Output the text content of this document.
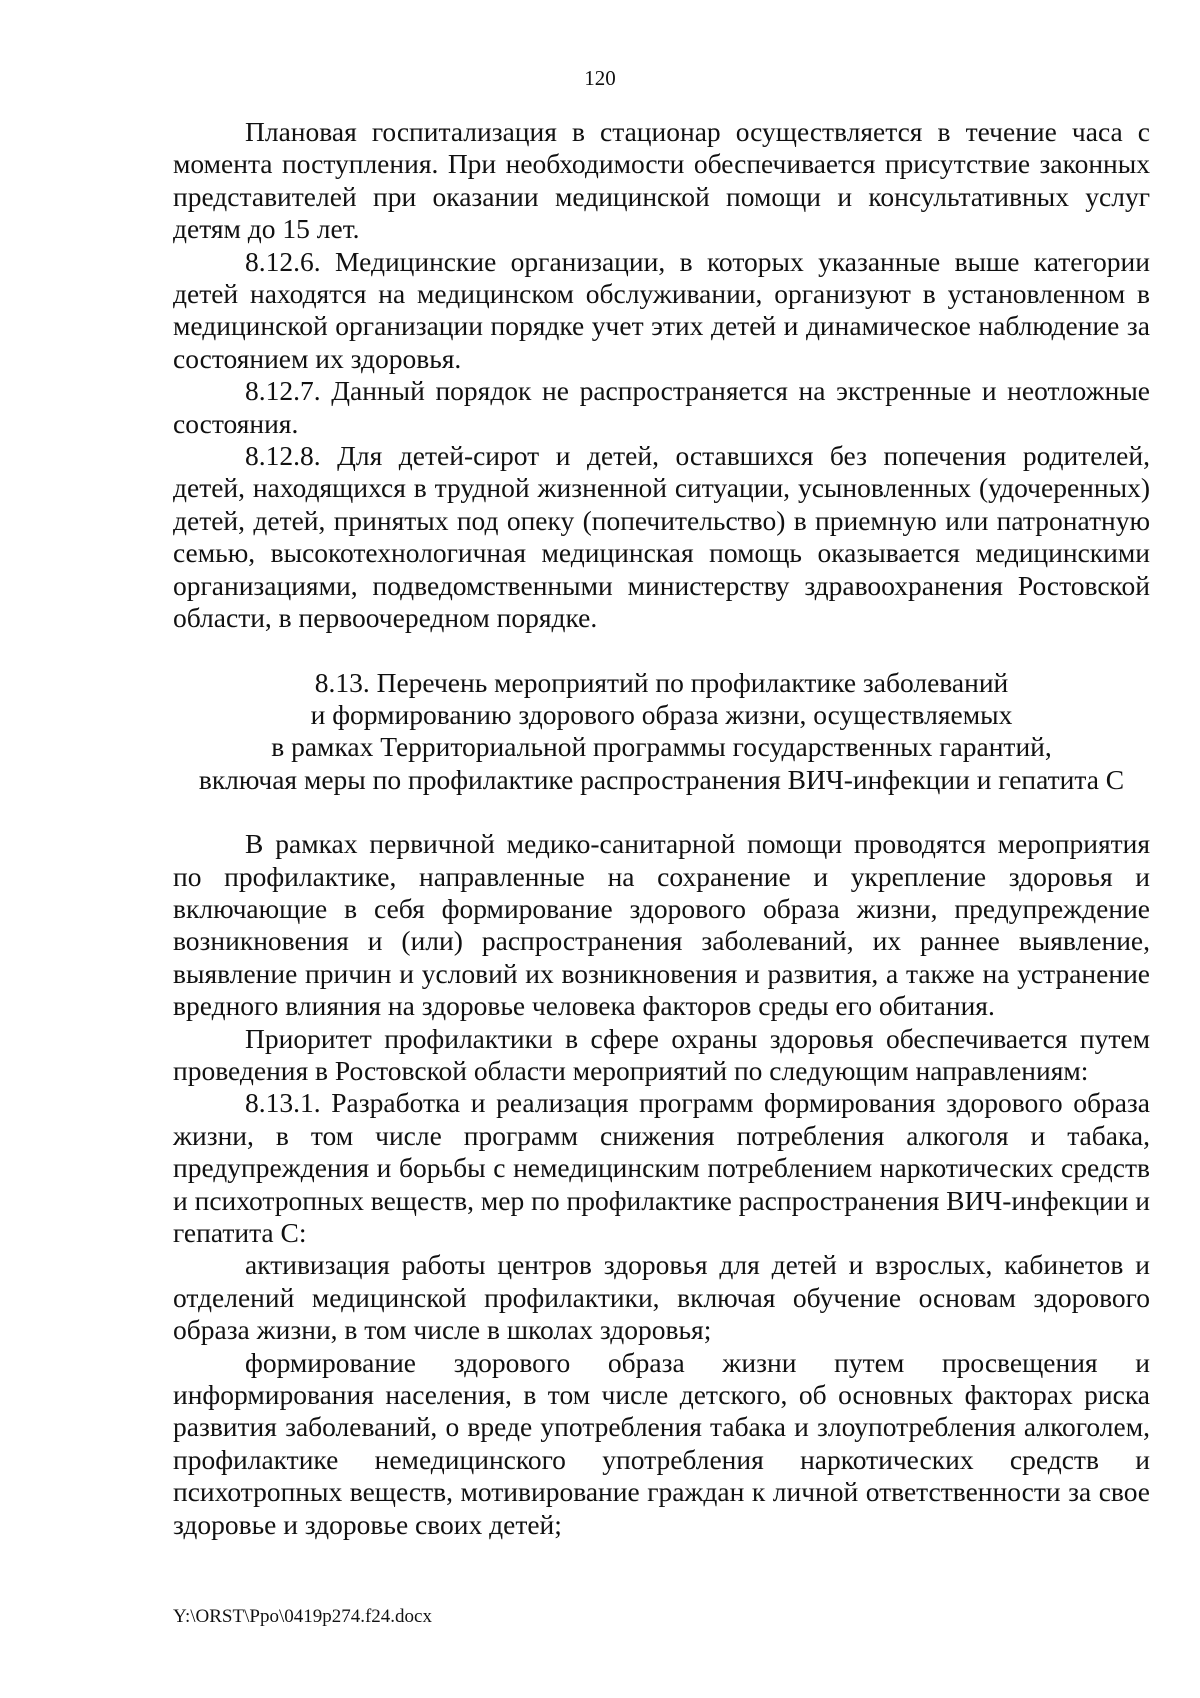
120

Плановая госпитализация в стационар осуществляется в течение часа с момента поступления. При необходимости обеспечивается присутствие законных представителей при оказании медицинской помощи и консультативных услуг детям до 15 лет.

8.12.6. Медицинские организации, в которых указанные выше категории детей находятся на медицинском обслуживании, организуют в установленном в медицинской организации порядке учет этих детей и динамическое наблюдение за состоянием их здоровья.

8.12.7. Данный порядок не распространяется на экстренные и неотложные состояния.

8.12.8. Для детей-сирот и детей, оставшихся без попечения родителей, детей, находящихся в трудной жизненной ситуации, усыновленных (удочеренных) детей, детей, принятых под опеку (попечительство) в приемную или патронатную семью, высокотехнологичная медицинская помощь оказывается медицинскими организациями, подведомственными министерству здравоохранения Ростовской области, в первоочередном порядке.

8.13. Перечень мероприятий по профилактике заболеваний
и формированию здорового образа жизни, осуществляемых
в рамках Территориальной программы государственных гарантий,
включая меры по профилактике распространения ВИЧ-инфекции и гепатита С

В рамках первичной медико-санитарной помощи проводятся мероприятия по профилактике, направленные на сохранение и укрепление здоровья и включающие в себя формирование здорового образа жизни, предупреждение возникновения и (или) распространения заболеваний, их раннее выявление, выявление причин и условий их возникновения и развития, а также на устранение вредного влияния на здоровье человека факторов среды его обитания.

Приоритет профилактики в сфере охраны здоровья обеспечивается путем проведения в Ростовской области мероприятий по следующим направлениям:

8.13.1. Разработка и реализация программ формирования здорового образа жизни, в том числе программ снижения потребления алкоголя и табака, предупреждения и борьбы с немедицинским потреблением наркотических средств и психотропных веществ, мер по профилактике распространения ВИЧ-инфекции и гепатита С:

активизация работы центров здоровья для детей и взрослых, кабинетов и отделений медицинской профилактики, включая обучение основам здорового образа жизни, в том числе в школах здоровья;

формирование здорового образа жизни путем просвещения и информирования населения, в том числе детского, об основных факторах риска развития заболеваний, о вреде употребления табака и злоупотребления алкоголем, профилактике немедицинского употребления наркотических средств и психотропных веществ, мотивирование граждан к личной ответственности за свое здоровье и здоровье своих детей;

Y:\ORST\Ppo\0419p274.f24.docx
